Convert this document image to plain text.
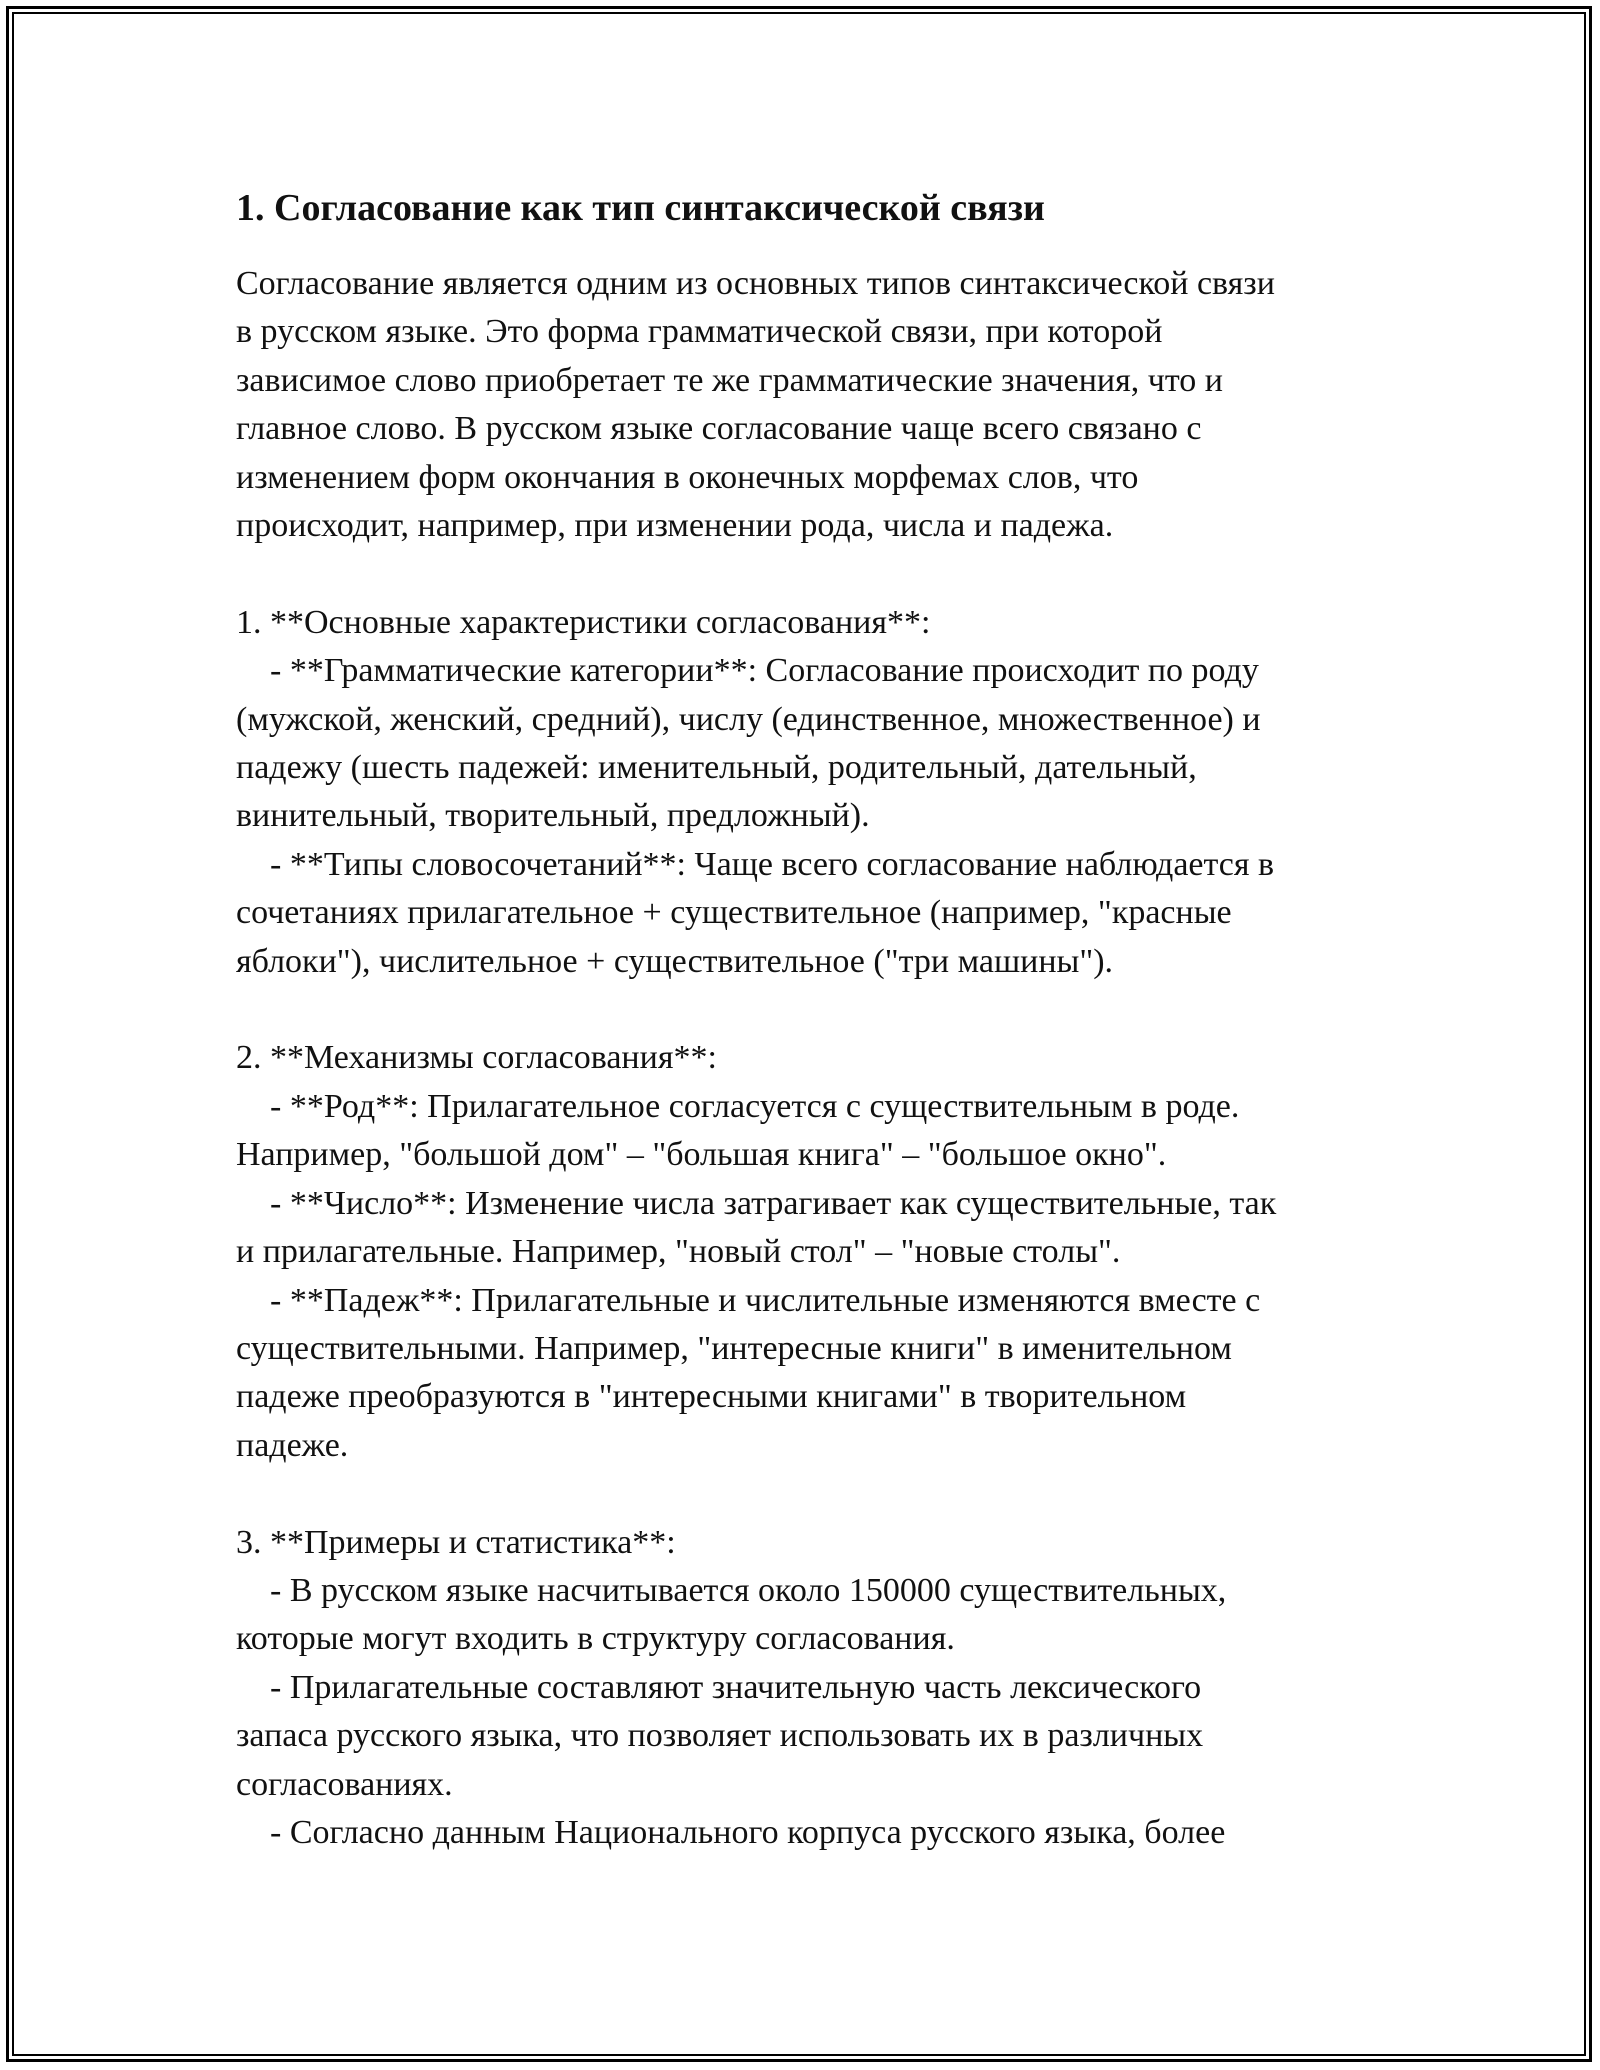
1. Согласование как тип синтаксической связи
Согласование является одним из основных типов синтаксической связи
в русском языке. Это форма грамматической связи, при которой
зависимое слово приобретает те же грамматические значения, что и
главное слово. В русском языке согласование чаще всего связано с
изменением форм окончания в оконечных морфемах слов, что
происходит, например, при изменении рода, числа и падежа.
1. **Основные характеристики согласования**:
- **Грамматические категории**: Согласование происходит по роду
(мужской, женский, средний), числу (единственное, множественное) и
падежу (шесть падежей: именительный, родительный, дательный,
винительный, творительный, предложный).
- **Типы словосочетаний**: Чаще всего согласование наблюдается в
сочетаниях прилагательное + существительное (например, "красные
яблоки"), числительное + существительное ("три машины").
2. **Механизмы согласования**:
- **Род**: Прилагательное согласуется с существительным в роде.
Например, "большой дом" – "большая книга" – "большое окно".
- **Число**: Изменение числа затрагивает как существительные, так
и прилагательные. Например, "новый стол" – "новые столы".
- **Падеж**: Прилагательные и числительные изменяются вместе с
существительными. Например, "интересные книги" в именительном
падеже преобразуются в "интересными книгами" в творительном
падеже.
3. **Примеры и статистика**:
- В русском языке насчитывается около 150000 существительных,
которые могут входить в структуру согласования.
- Прилагательные составляют значительную часть лексического
запаса русского языка, что позволяет использовать их в различных
согласованиях.
- Согласно данным Национального корпуса русского языка, более
